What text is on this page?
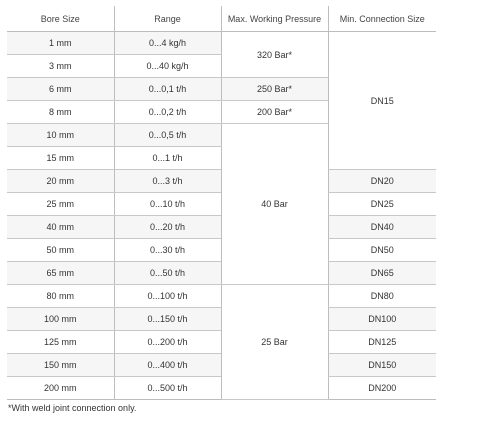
Bore Size	Range	Max. Working Pressure	Min. Connection Size
1 mm	0...4 kg/h	320 Bar*	DN15
3 mm	0...40 kg/h		
6 mm	0...0,1 t/h	250 Bar*	
8 mm	0...0,2 t/h	200 Bar*	
10 mm	0...0,5 t/h	40 Bar	
15 mm	0...1 t/h		
20 mm	0...3 t/h		DN20
25 mm	0...10 t/h		DN25
40 mm	0...20 t/h		DN40
50 mm	0...30 t/h		DN50
65 mm	0...50 t/h		DN65
80 mm	0...100 t/h	25 Bar	DN80
100 mm	0...150 t/h		DN100
125 mm	0...200 t/h		DN125
150 mm	0...400 t/h		DN150
200 mm	0...500 t/h		DN200
*With weld joint connection only.
